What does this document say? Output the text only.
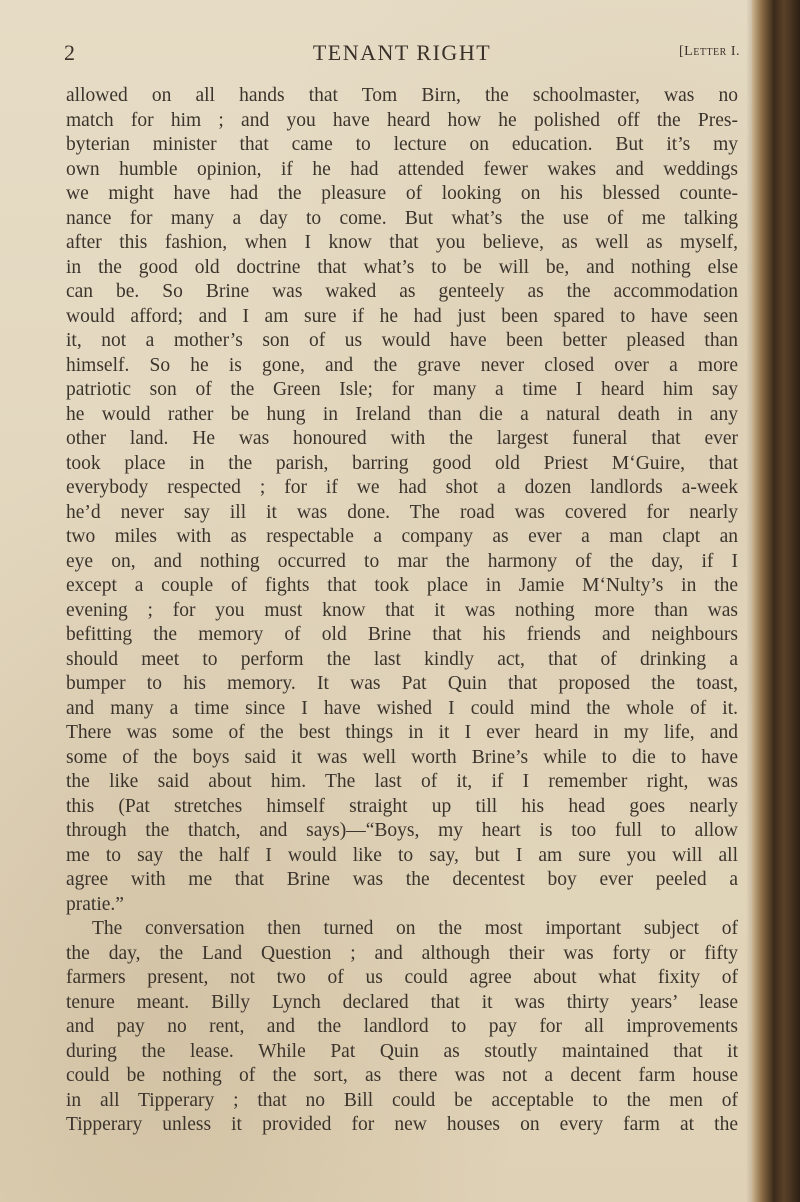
2	TENANT RIGHT	[Letter I.
allowed on all hands that Tom Birn, the schoolmaster, was no
match for him ; and you have heard how he polished off the Pres-
byterian minister that came to lecture on education. But it’s my
own humble opinion, if he had attended fewer wakes and weddings
we might have had the pleasure of looking on his blessed counte-
nance for many a day to come. But what’s the use of me talking
after this fashion, when I know that you believe, as well as myself,
in the good old doctrine that what’s to be will be, and nothing else
can be. So Brine was waked as genteely as the accommodation
would afford; and I am sure if he had just been spared to have seen
it, not a mother’s son of us would have been better pleased than
himself. So he is gone, and the grave never closed over a more
patriotic son of the Green Isle; for many a time I heard him say
he would rather be hung in Ireland than die a natural death in any
other land. He was honoured with the largest funeral that ever
took place in the parish, barring good old Priest M‘Guire, that
everybody respected ; for if we had shot a dozen landlords a-week
he’d never say ill it was done. The road was covered for nearly
two miles with as respectable a company as ever a man clapt an
eye on, and nothing occurred to mar the harmony of the day, if I
except a couple of fights that took place in Jamie M‘Nulty’s in the
evening ; for you must know that it was nothing more than was
befitting the memory of old Brine that his friends and neighbours
should meet to perform the last kindly act, that of drinking a
bumper to his memory. It was Pat Quin that proposed the toast,
and many a time since I have wished I could mind the whole of it.
There was some of the best things in it I ever heard in my life, and
some of the boys said it was well worth Brine’s while to die to have
the like said about him. The last of it, if I remember right, was
this (Pat stretches himself straight up till his head goes nearly
through the thatch, and says)—“Boys, my heart is too full to allow
me to say the half I would like to say, but I am sure you will all
agree with me that Brine was the decentest boy ever peeled a
pratie.”
The conversation then turned on the most important subject of
the day, the Land Question ; and although their was forty or fifty
farmers present, not two of us could agree about what fixity of
tenure meant. Billy Lynch declared that it was thirty years’ lease
and pay no rent, and the landlord to pay for all improvements
during the lease. While Pat Quin as stoutly maintained that it
could be nothing of the sort, as there was not a decent farm house
in all Tipperary ; that no Bill could be acceptable to the men of
Tipperary unless it provided for new houses on every farm at the
